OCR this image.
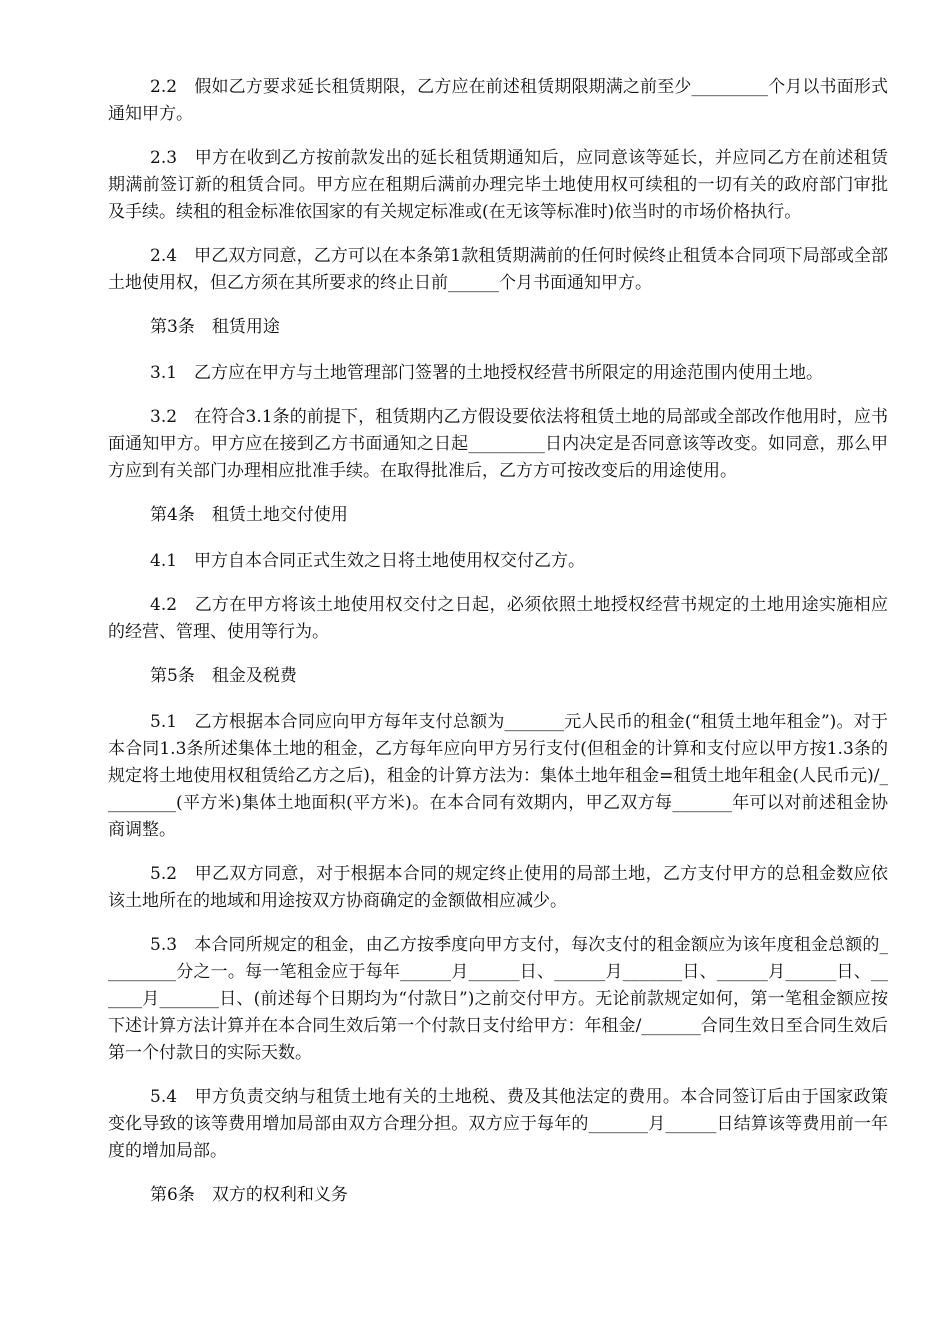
2.2　假如乙方要求延长租赁期限，乙方应在前述租赁期限期满之前至少_________个月以书面形式通知甲方。

2.3　甲方在收到乙方按前款发出的延长租赁期通知后，应同意该等延长，并应同乙方在前述租赁期满前签订新的租赁合同。甲方应在租期后满前办理完毕土地使用权可续租的一切有关的政府部门审批及手续。续租的租金标准依国家的有关规定标准或(在无该等标准时)依当时的市场价格执行。

2.4　甲乙双方同意，乙方可以在本条第1款租赁期满前的任何时候终止租赁本合同项下局部或全部土地使用权，但乙方须在其所要求的终止日前______个月书面通知甲方。

第3条　租赁用途

3.1　乙方应在甲方与土地管理部门签署的土地授权经营书所限定的用途范围内使用土地。

3.2　在符合3.1条的前提下，租赁期内乙方假设要依法将租赁土地的局部或全部改作他用时，应书面通知甲方。甲方应在接到乙方书面通知之日起_________日内决定是否同意该等改变。如同意，那么甲方应到有关部门办理相应批准手续。在取得批准后，乙方方可按改变后的用途使用。

第4条　租赁土地交付使用

4.1　甲方自本合同正式生效之日将土地使用权交付乙方。

4.2　乙方在甲方将该土地使用权交付之日起，必须依照土地授权经营书规定的土地用途实施相应的经营、管理、使用等行为。

第5条　租金及税费

5.1　乙方根据本合同应向甲方每年支付总额为_______元人民币的租金(“租赁土地年租金”)。对于本合同1.3条所述集体土地的租金，乙方每年应向甲方另行支付(但租金的计算和支付应以甲方按1.3条的规定将土地使用权租赁给乙方之后)，租金的计算方法为：集体土地年租金=租赁土地年租金(人民币元)/_________(平方米)集体土地面积(平方米)。在本合同有效期内，甲乙双方每_______年可以对前述租金协商调整。

5.2　甲乙双方同意，对于根据本合同的规定终止使用的局部土地，乙方支付甲方的总租金数应依该土地所在的地域和用途按双方协商确定的金额做相应减少。

5.3　本合同所规定的租金，由乙方按季度向甲方支付，每次支付的租金额应为该年度租金总额的_________分之一。每一笔租金应于每年______月______日、______月_______日、______月______日、______月_______日、(前述每个日期均为“付款日”)之前交付甲方。无论前款规定如何，第一笔租金额应按下述计算方法计算并在本合同生效后第一个付款日支付给甲方：年租金/_______合同生效日至合同生效后第一个付款日的实际天数。

5.4　甲方负责交纳与租赁土地有关的土地税、费及其他法定的费用。本合同签订后由于国家政策变化导致的该等费用增加局部由双方合理分担。双方应于每年的_______月______日结算该等费用前一年度的增加局部。

第6条　双方的权利和义务
